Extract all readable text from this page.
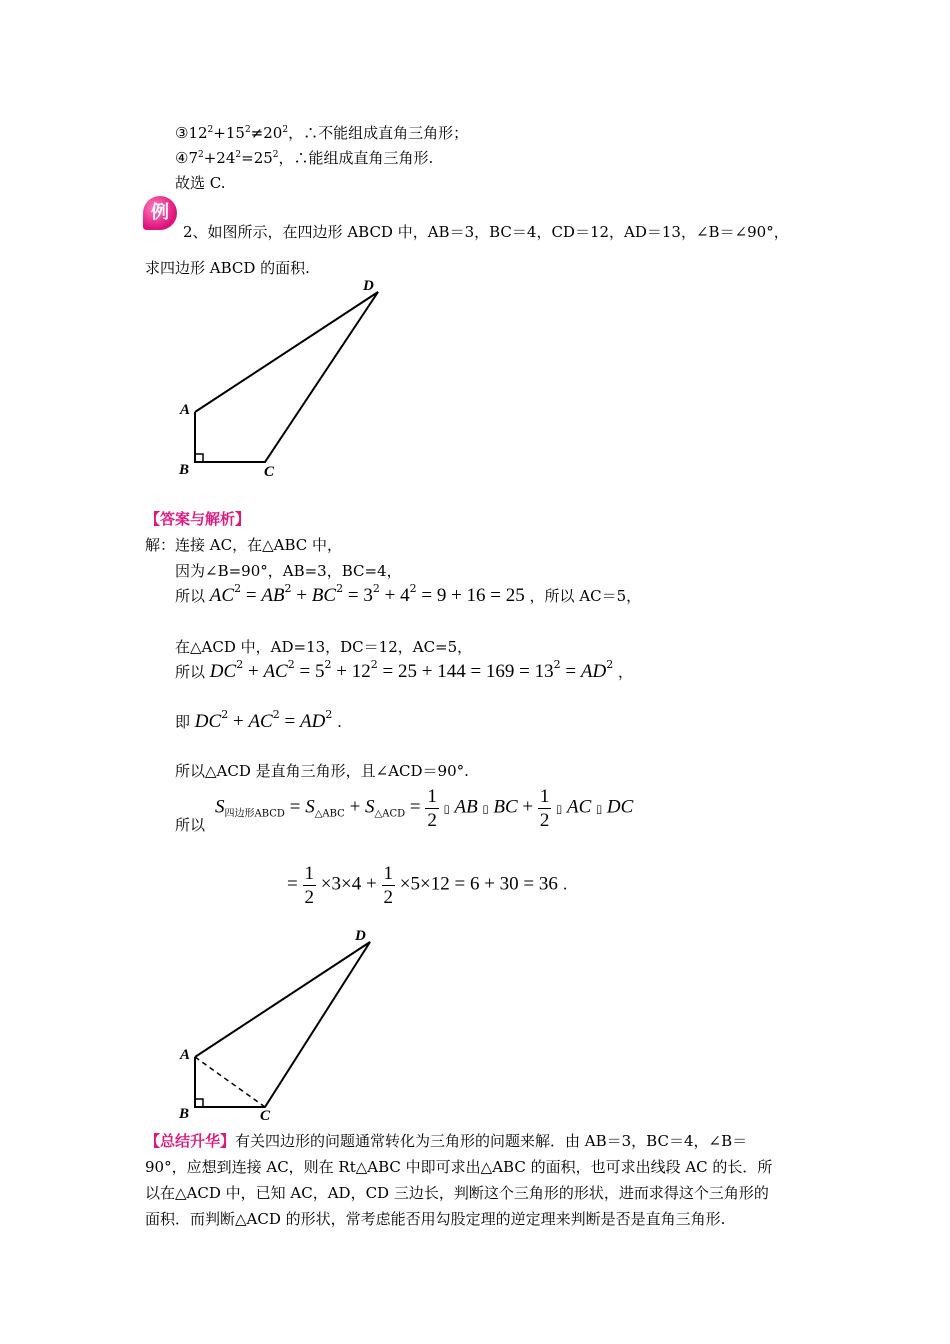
$③12^2+15^2\ne 20^2$，∴不能组成直角三角形；
$④7^2+24^2=25^2$，∴能组成直角三角形.
故选 C.
例
2、如图所示，在四边形 ABCD 中，AB＝3，BC＝4，CD＝12，AD＝13，∠B＝∠90°，
求四边形 ABCD 的面积.
D
A
B	C
【答案与解析】
解：连接 AC，在△ABC 中，
因为∠B=90°，AB=3，BC=4，
所以 $AC^2 = AB^2 + BC^2 = 3^2 + 4^2 = 9 + 16 = 25$ ，所以 AC＝5，
在△ACD 中，AD=13，DC＝12，AC=5，
所以 $DC^2 + AC^2 = 5^2 + 12^2 = 25 + 144 = 169 = 13^2 = AD^2$ ，
即 $DC^2 + AC^2 = AD^2$ .
所以△ACD 是直角三角形，且∠ACD＝90°.
所以
$S_{四边形ABCD} = S_{\triangle ABC} + S_{\triangle ACD} = \frac{1}{2}$ ▯ AB ▯ BC + $\frac{1}{2}$ ▯ AC ▯ DC
= $\frac{1}{2} \times 3\times 4 + \frac{1}{2} \times 5\times 12 = 6 + 30 = 36$ .
D
A
B	C
【总结升华】有关四边形的问题通常转化为三角形的问题来解．由 AB＝3，BC＝4，∠B＝
90°，应想到连接 AC，则在 Rt△ABC 中即可求出△ABC 的面积，也可求出线段 AC 的长．所
以在△ACD 中，已知 AC，AD，CD 三边长，判断这个三角形的形状，进而求得这个三角形的
面积．而判断△ACD 的形状，常考虑能否用勾股定理的逆定理来判断是否是直角三角形.
